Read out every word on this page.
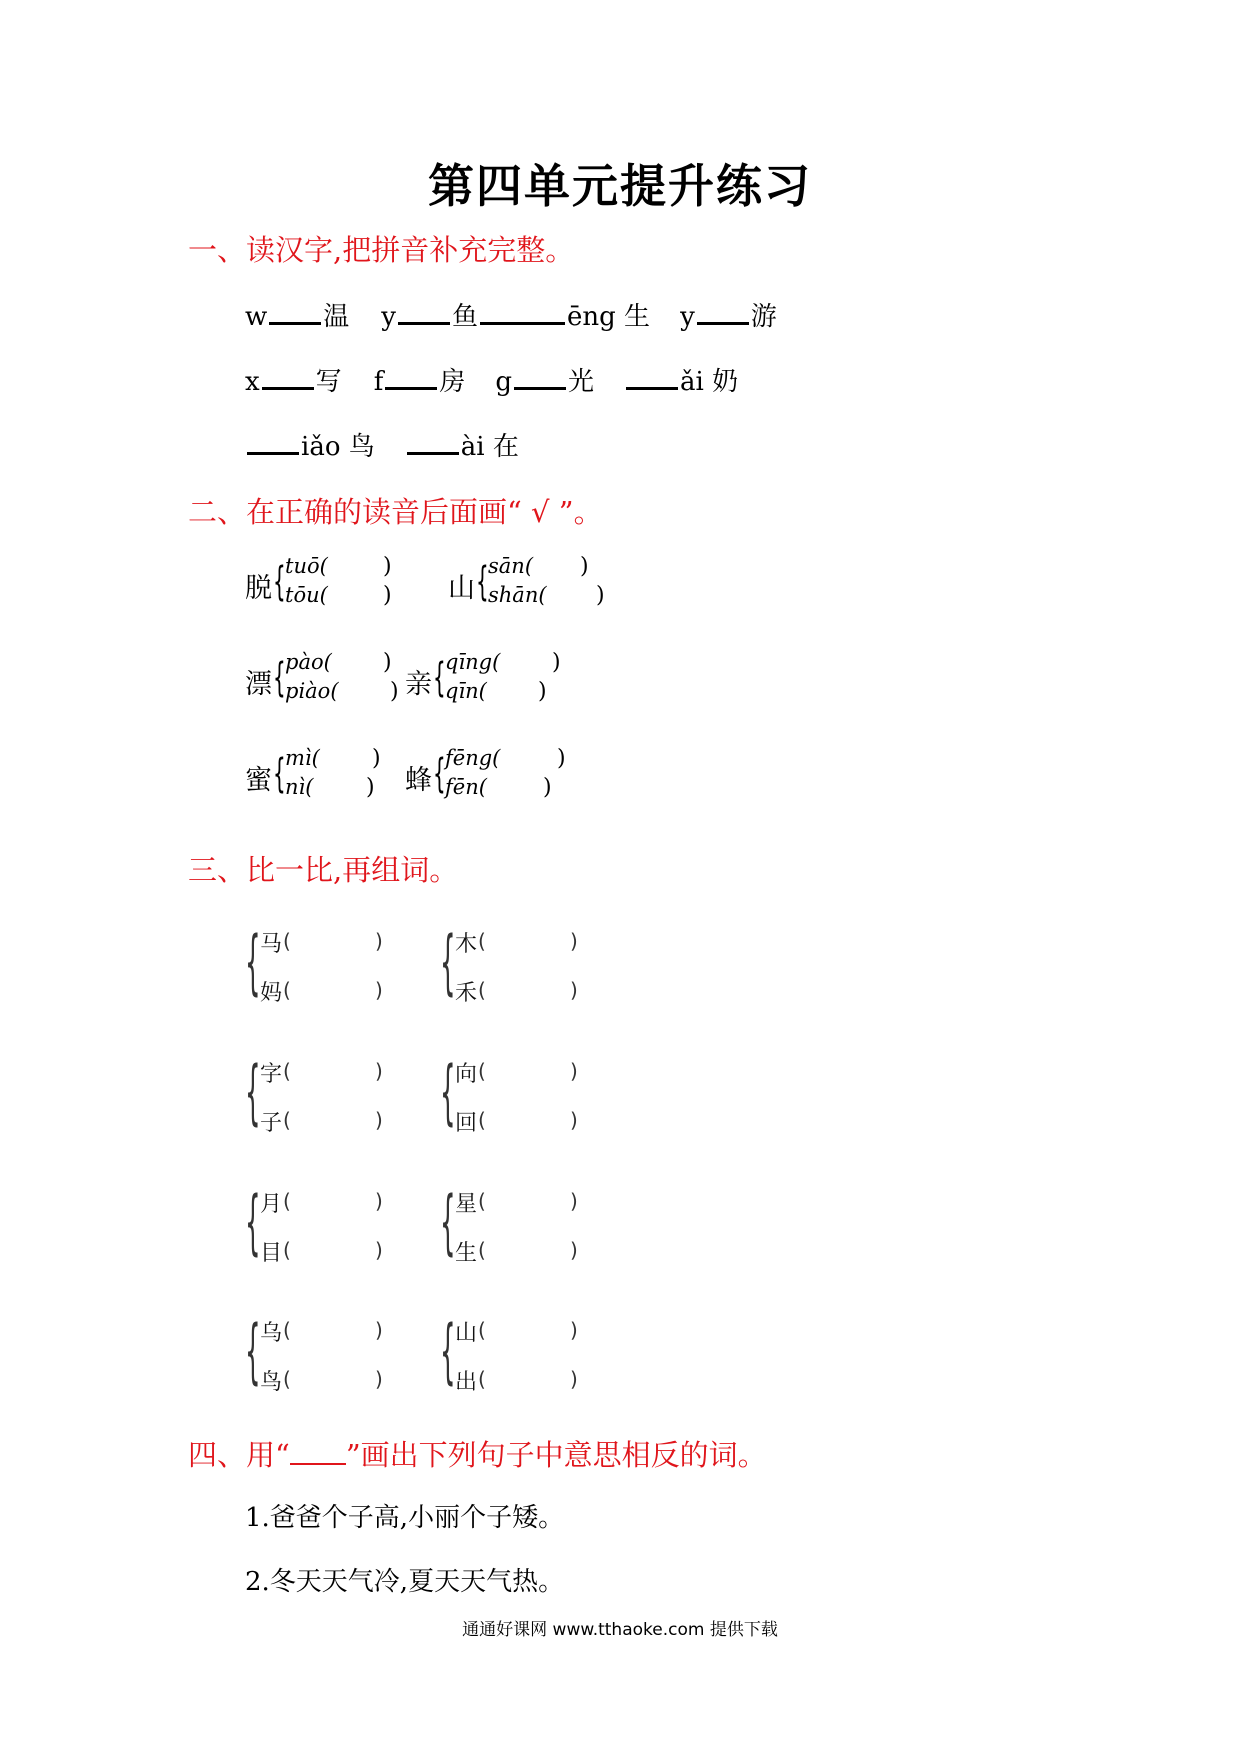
第四单元提升练习
一、读汉字,把拼音补充完整。
w 温 y 鱼	ēng 生 y 游
x 写 f 房 g 光	ǎi 奶
iǎo 鸟	ài 在
二、在正确的读音后面画“ √ ”。
脱 { tuō(
tōu(
)
) 山 { sān(
shān(
)
)
漂 { pào(
piào(
)
) 亲 { qīng(
qīn(
)
)
蜜 { mì(
nì(
)
) 蜂 { fēng(
fēn(
)
)
三、比一比,再组词。
{ 马
妈
(
(
)
) { 木
禾
(
(
)
)
{ 字
子
(
(
)
) { 向
回
(
(
)
)
{ 月
目
(
(
)
) { 星
生
(
(
)
)
{ 乌
鸟
(
(
)
) { 山
出
(
(
)
)
四、用“ ”画出下列句子中意思相反的词。
1.爸爸个子高,小丽个子矮。
2.冬天天气冷,夏天天气热。
通通好课网 www.tthaoke.com 提供下载
